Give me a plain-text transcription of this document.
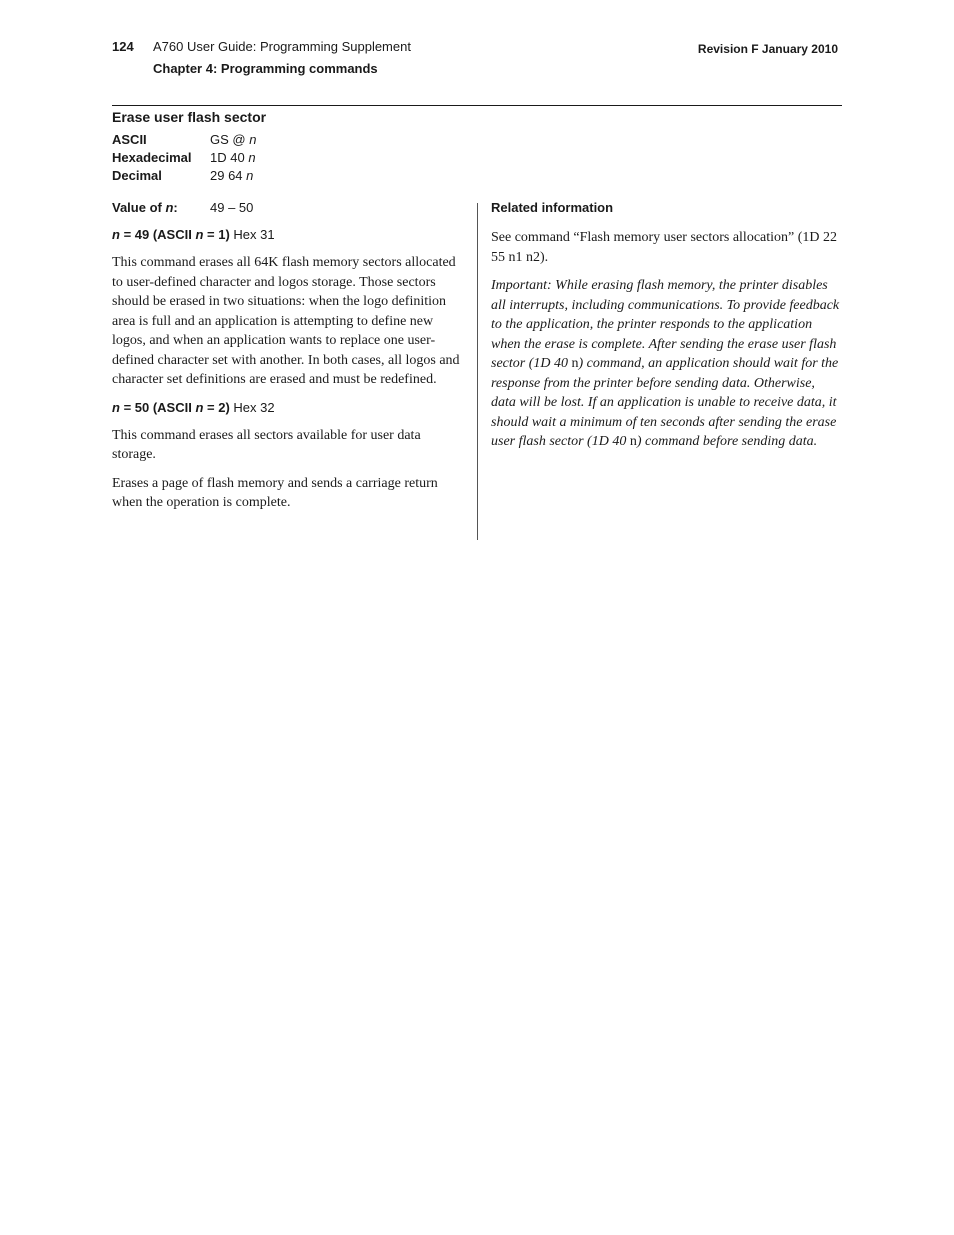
124 A760 User Guide: Programming Supplement
Chapter 4: Programming commands
Revision F January 2010
Erase user flash sector
ASCII	GS @ n
Hexadecimal	1D 40 n
Decimal	29 64 n
Value of n:	49 – 50
n = 49 (ASCII n = 1) Hex 31

This command erases all 64K flash memory sectors allocated to user-defined character and logos storage. Those sectors should be erased in two situations: when the logo definition area is full and an application is attempting to define new logos, and when an application wants to replace one user-defined character set with another. In both cases, all logos and character set definitions are erased and must be redefined.

n = 50 (ASCII n = 2) Hex 32

This command erases all sectors available for user data storage.

Erases a page of flash memory and sends a carriage return when the operation is complete.

Related information

See command “Flash memory user sectors allocation” (1D 22 55 n1 n2).

Important: While erasing flash memory, the printer disables all interrupts, including communications. To provide feedback to the application, the printer responds to the application when the erase is complete. After sending the erase user flash sector (1D 40 n) command, an application should wait for the response from the printer before sending data. Otherwise, data will be lost. If an application is unable to receive data, it should wait a minimum of ten seconds after sending the erase user flash sector (1D 40 n) command before sending data.
